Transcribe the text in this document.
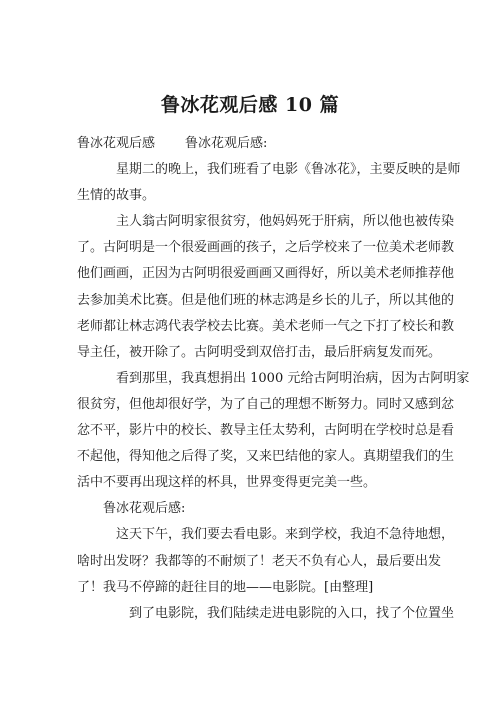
鲁冰花观后感 10 篇

鲁冰花观后感 鲁冰花观后感:

星期二的晚上，我们班看了电影《鲁冰花》，主要反映的是师
生情的故事。

主人翁古阿明家很贫穷，他妈妈死于肝病，所以他也被传染
了。古阿明是一个很爱画画的孩子，之后学校来了一位美术老师教
他们画画，正因为古阿明很爱画画又画得好，所以美术老师推荐他
去参加美术比赛。但是他们班的林志鸿是乡长的儿子，所以其他的
老师都让林志鸿代表学校去比赛。美术老师一气之下打了校长和教
导主任，被开除了。古阿明受到双倍打击，最后肝病复发而死。

看到那里，我真想捐出 1000 元给古阿明治病，因为古阿明家
很贫穷，但他却很好学，为了自己的理想不断努力。同时又感到忿
忿不平，影片中的校长、教导主任太势利，古阿明在学校时总是看
不起他，得知他之后得了奖，又来巴结他的家人。真期望我们的生
活中不要再出现这样的杯具，世界变得更完美一些。

鲁冰花观后感:

这天下午，我们要去看电影。来到学校，我迫不急待地想，
啥时出发呀？我都等的不耐烦了！老天不负有心人，最后要出发
了！我马不停蹄的赶往目的地——电影院。[由整理]

到了电影院，我们陆续走进电影院的入口，找了个位置坐
